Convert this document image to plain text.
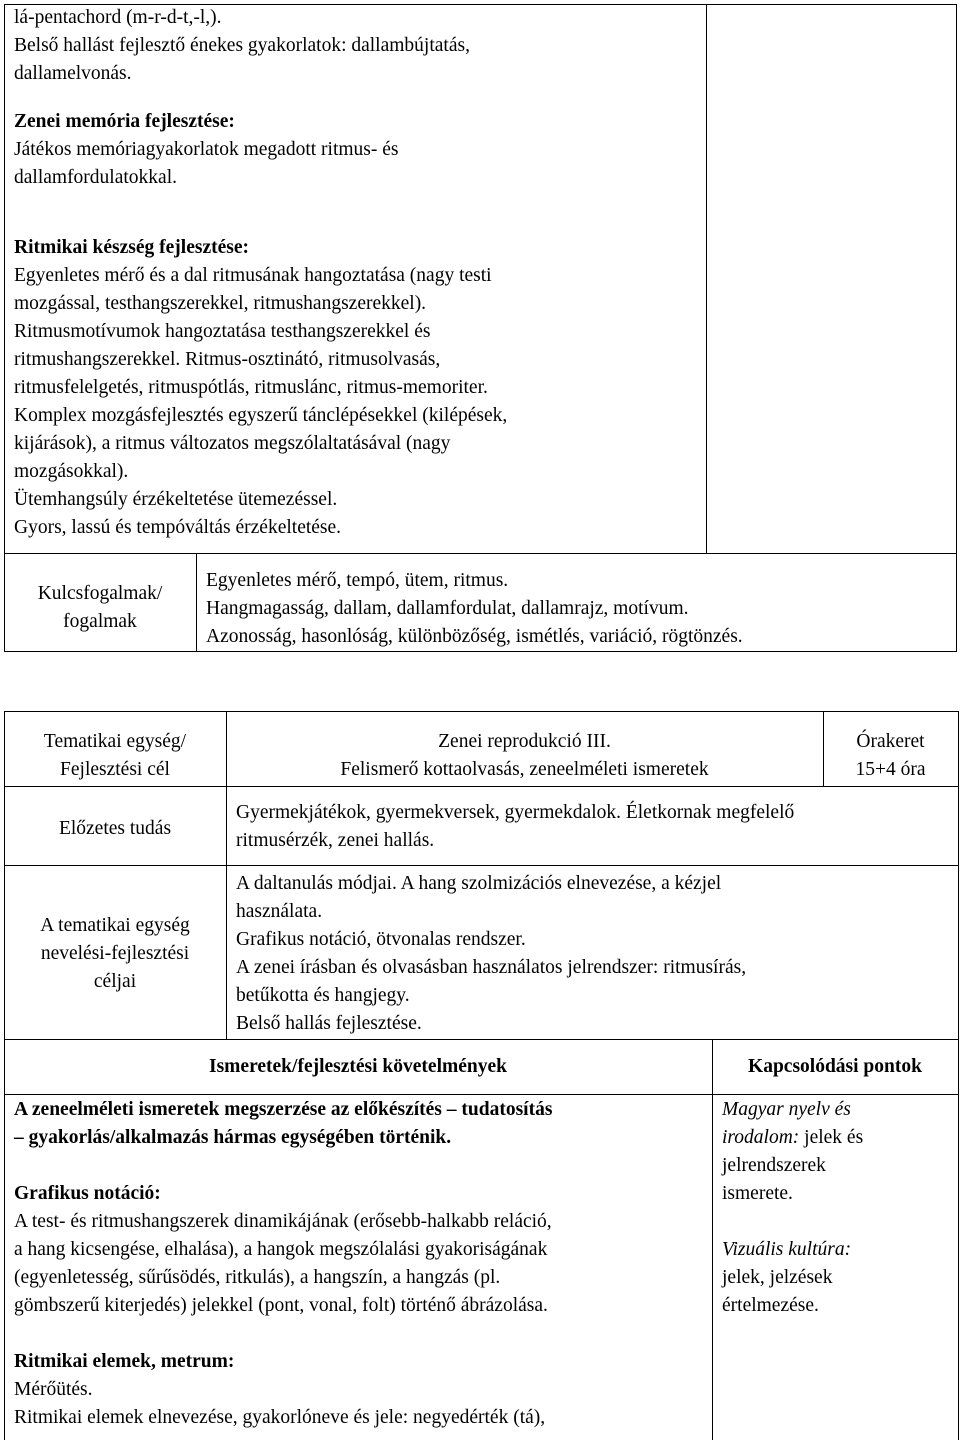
lá-pentachord (m-r-d-t,-l,).
Belső hallást fejlesztő énekes gyakorlatok: dallambújtatás,
dallamelvonás.
Zenei memória fejlesztése:
Játékos memóriagyakorlatok megadott ritmus- és
dallamfordulatokkal.
Ritmikai készség fejlesztése:
Egyenletes mérő és a dal ritmusának hangoztatása (nagy testi
mozgással, testhangszerekkel, ritmushangszerekkel).
Ritmusmotívumok hangoztatása testhangszerekkel és
ritmushangszerekkel. Ritmus-osztinátó, ritmusolvasás,
ritmusfelelgetés, ritmuspótlás, ritmuslánc, ritmus-memoriter.
Komplex mozgásfejlesztés egyszerű tánclépésekkel (kilépések,
kijárások), a ritmus változatos megszólaltatásával (nagy
mozgásokkal).
Ütemhangsúly érzékeltetése ütemezéssel.
Gyors, lassú és tempóváltás érzékeltetése.
Kulcsfogalmak/
fogalmak
Egyenletes mérő, tempó, ütem, ritmus.
Hangmagasság, dallam, dallamfordulat, dallamrajz, motívum.
Azonosság, hasonlóság, különbözőség, ismétlés, variáció, rögtönzés.
Tematikai egység/
Fejlesztési cél
Zenei reprodukció III.
Felismerő kottaolvasás, zeneelméleti ismeretek
Órakeret
15+4 óra
Előzetes tudás
Gyermekjátékok, gyermekversek, gyermekdalok. Életkornak megfelelő
ritmusérzék, zenei hallás.
A tematikai egység
nevelési-fejlesztési
céljai
A daltanulás módjai. A hang szolmizációs elnevezése, a kézjel
használata.
Grafikus notáció, ötvonalas rendszer.
A zenei írásban és olvasásban használatos jelrendszer: ritmusírás,
betűkotta és hangjegy.
Belső hallás fejlesztése.
Ismeretek/fejlesztési követelmények	Kapcsolódási pontok
A zeneelméleti ismeretek megszerzése az előkészítés – tudatosítás
– gyakorlás/alkalmazás hármas egységében történik.
Grafikus notáció:
A test- és ritmushangszerek dinamikájának (erősebb-halkabb reláció,
a hang kicsengése, elhalása), a hangok megszólalási gyakoriságának
(egyenletesség, sűrűsödés, ritkulás), a hangszín, a hangzás (pl.
gömbszerű kiterjedés) jelekkel (pont, vonal, folt) történő ábrázolása.
Ritmikai elemek, metrum:
Mérőütés.
Ritmikai elemek elnevezése, gyakorlóneve és jele: negyedérték (tá),
Magyar nyelv és
irodalom: jelek és
jelrendszerek
ismerete.
Vizuális kultúra:
jelek, jelzések
értelmezése.
